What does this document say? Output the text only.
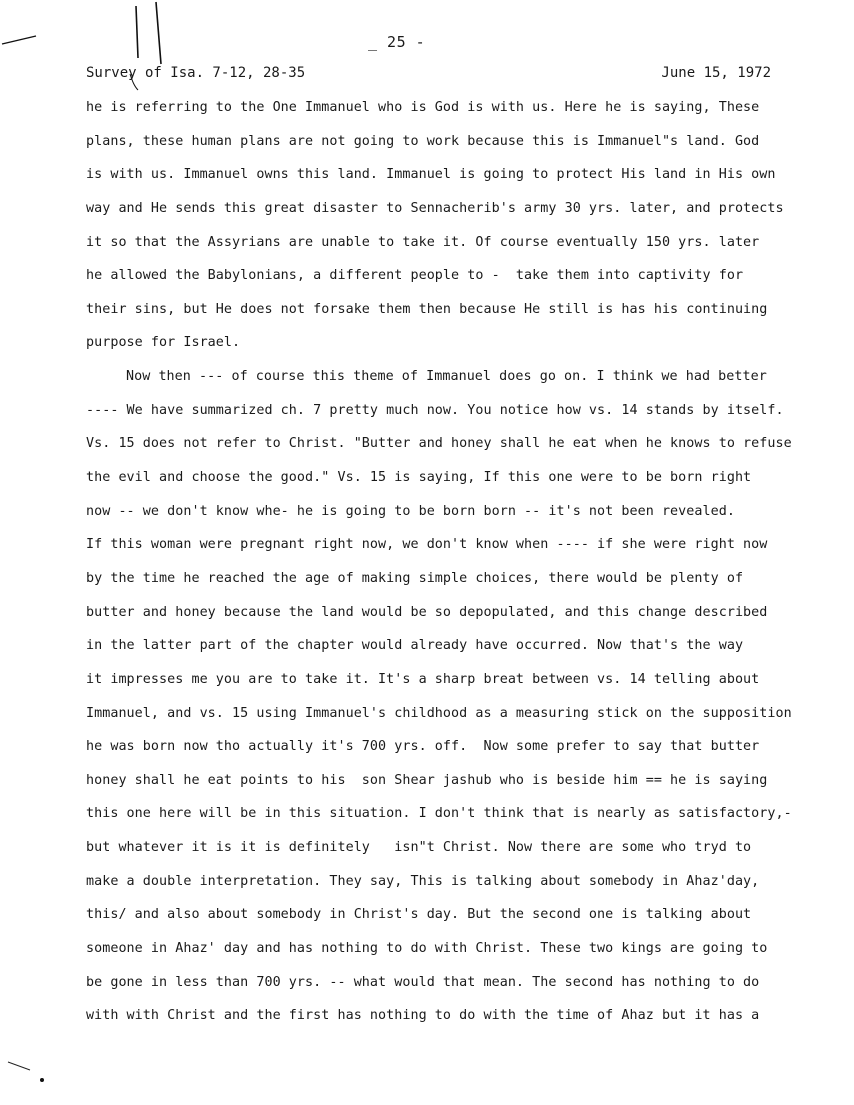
_ 25 -
Survey of Isa. 7-12, 28-35	June 15, 1972
he is referring to the One Immanuel who is God is with us. Here he is saying, These
plans, these human plans are not going to work because this is Immanuel"s land. God
is with us. Immanuel owns this land. Immanuel is going to protect His land in His own
way and He sends this great disaster to Sennacherib's army 30 yrs. later, and protects
it so that the Assyrians are unable to take it. Of course eventually 150 yrs. later
he allowed the Babylonians, a different people to -  take them into captivity for
their sins, but He does not forsake them then because He still is has his continuing
purpose for Israel.
Now then --- of course this theme of Immanuel does go on. I think we had better
---- We have summarized ch. 7 pretty much now. You notice how vs. 14 stands by itself.
Vs. 15 does not refer to Christ. "Butter and honey shall he eat when he knows to refuse
the evil and choose the good." Vs. 15 is saying, If this one were to be born right
now -- we don't know whe- he is going to be born born -- it's not been revealed.
If this woman were pregnant right now, we don't know when ---- if she were right now
by the time he reached the age of making simple choices, there would be plenty of
butter and honey because the land would be so depopulated, and this change described
in the latter part of the chapter would already have occurred. Now that's the way
it impresses me you are to take it. It's a sharp breat between vs. 14 telling about
Immanuel, and vs. 15 using Immanuel's childhood as a measuring stick on the supposition
he was born now tho actually it's 700 yrs. off.  Now some prefer to say that butter
honey shall he eat points to his  son Shear jashub who is beside him == he is saying
this one here will be in this situation. I don't think that is nearly as satisfactory,-
but whatever it is it is definitely   isn"t Christ. Now there are some who tryd to
make a double interpretation. They say, This is talking about somebody in Ahaz'day,
this/ and also about somebody in Christ's day. But the second one is talking about
someone in Ahaz' day and has nothing to do with Christ. These two kings are going to
be gone in less than 700 yrs. -- what would that mean. The second has nothing to do
with with Christ and the first has nothing to do with the time of Ahaz but it has a
